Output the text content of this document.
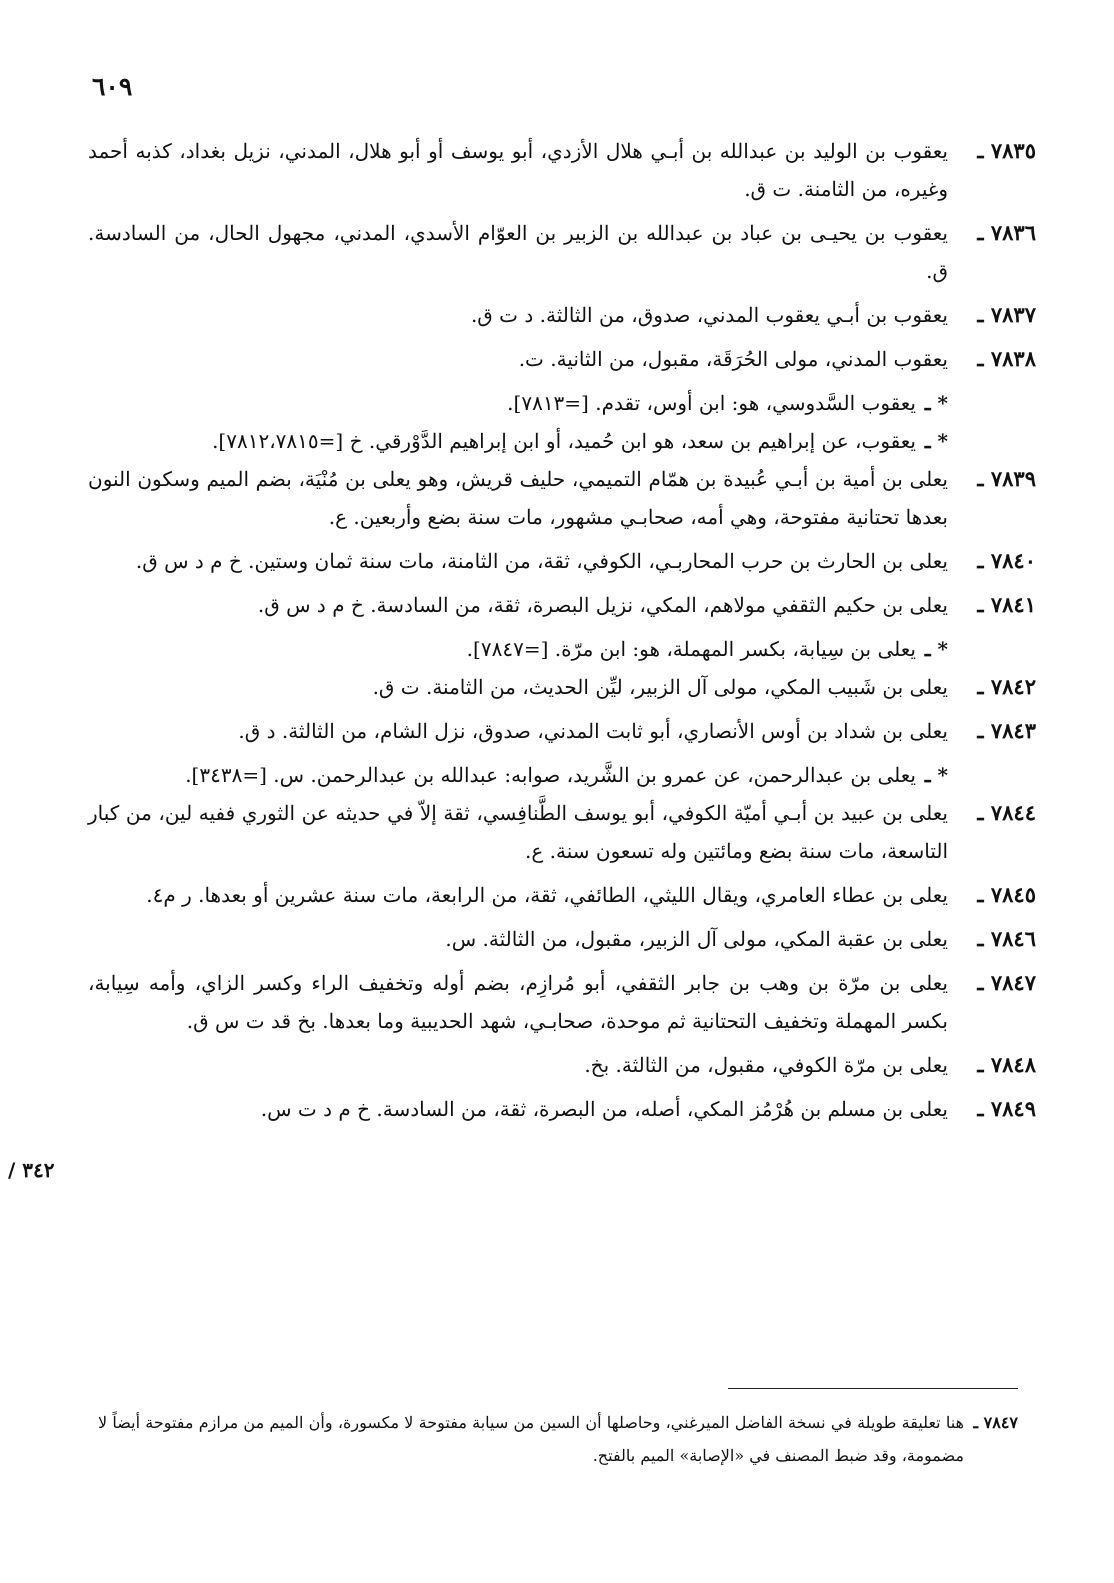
٦٠٩
٧٨٣٥ ـ
يعقوب بن الوليد بن عبدالله بن أبـي هلال الأزدي، أبو يوسف أو أبو هلال، المدني، نزيل بغداد، كذبه أحمد وغيره، من الثامنة. ت ق.
٧٨٣٦ ـ
يعقوب بن يحيـى بن عباد بن عبدالله بن الزبير بن العوّام الأسدي، المدني، مجهول الحال، من السادسة. ق.
٧٨٣٧ ـ
يعقوب بن أبـي يعقوب المدني، صدوق، من الثالثة. د ت ق.
٧٨٣٨ ـ
يعقوب المدني، مولى الحُرَقَة، مقبول، من الثانية. ت.
* ـ
يعقوب السَّدوسي، هو: ابن أوس، تقدم. [=٧٨١٣].
* ـ
يعقوب، عن إبراهيم بن سعد، هو ابن حُميد، أو ابن إبراهيم الدَّوْرقي. خ [=٧٨١٢،٧٨١٥].
٧٨٣٩ ـ
يعلى بن أمية بن أبـي عُبيدة بن همّام التميمي، حليف قريش، وهو يعلى بن مُنْيَة، بضم الميم وسكون النون بعدها تحتانية مفتوحة، وهي أمه، صحابـي مشهور، مات سنة بضع وأربعين. ع.
٧٨٤٠ ـ
يعلى بن الحارث بن حرب المحاربـي، الكوفي، ثقة، من الثامنة، مات سنة ثمان وستين. خ م د س ق.
٧٨٤١ ـ
يعلى بن حكيم الثقفي مولاهم، المكي، نزيل البصرة، ثقة، من السادسة. خ م د س ق.
* ـ
يعلى بن سِيابة، بكسر المهملة، هو: ابن مرّة. [=٧٨٤٧].
٧٨٤٢ ـ
يعلى بن شَبيب المكي، مولى آل الزبير، ليِّن الحديث، من الثامنة. ت ق.
٧٨٤٣ ـ
يعلى بن شداد بن أوس الأنصاري، أبو ثابت المدني، صدوق، نزل الشام، من الثالثة. د ق.
* ـ
يعلى بن عبدالرحمن، عن عمرو بن الشَّريد، صوابه: عبدالله بن عبدالرحمن. س. [=٣٤٣٨].
٧٨٤٤ ـ
يعلى بن عبيد بن أبـي أميّة الكوفي، أبو يوسف الطَّنافِسي، ثقة إلاّ في حديثه عن الثوري ففيه لين، من كبار التاسعة، مات سنة بضع ومائتين وله تسعون سنة. ع.
٧٨٤٥ ـ
يعلى بن عطاء العامري، ويقال الليثي، الطائفي، ثقة، من الرابعة، مات سنة عشرين أو بعدها. ر م٤.
٧٨٤٦ ـ
يعلى بن عقبة المكي، مولى آل الزبير، مقبول، من الثالثة. س.
٧٨٤٧ ـ
يعلى بن مرّة بن وهب بن جابر الثقفي، أبو مُرازِم، بضم أوله وتخفيف الراء وكسر الزاي، وأمه سِيابة، بكسر المهملة وتخفيف التحتانية ثم موحدة، صحابـي، شهد الحديبية وما بعدها. بخ قد ت س ق.
٧٨٤٨ ـ
يعلى بن مرّة الكوفي، مقبول، من الثالثة. بخ.
٧٨٤٩ ـ
يعلى بن مسلم بن هُرْمُز المكي، أصله، من البصرة، ثقة، من السادسة. خ م د ت س.
٣٤٢ /
٧٨٤٧ ـ
هنا تعليقة طويلة في نسخة الفاضل الميرغني، وحاصلها أن السين من سيابة مفتوحة لا مكسورة، وأن الميم من مرازم مفتوحة أيضاً لا مضمومة، وقد ضبط المصنف في «الإصابة» الميم بالفتح.
